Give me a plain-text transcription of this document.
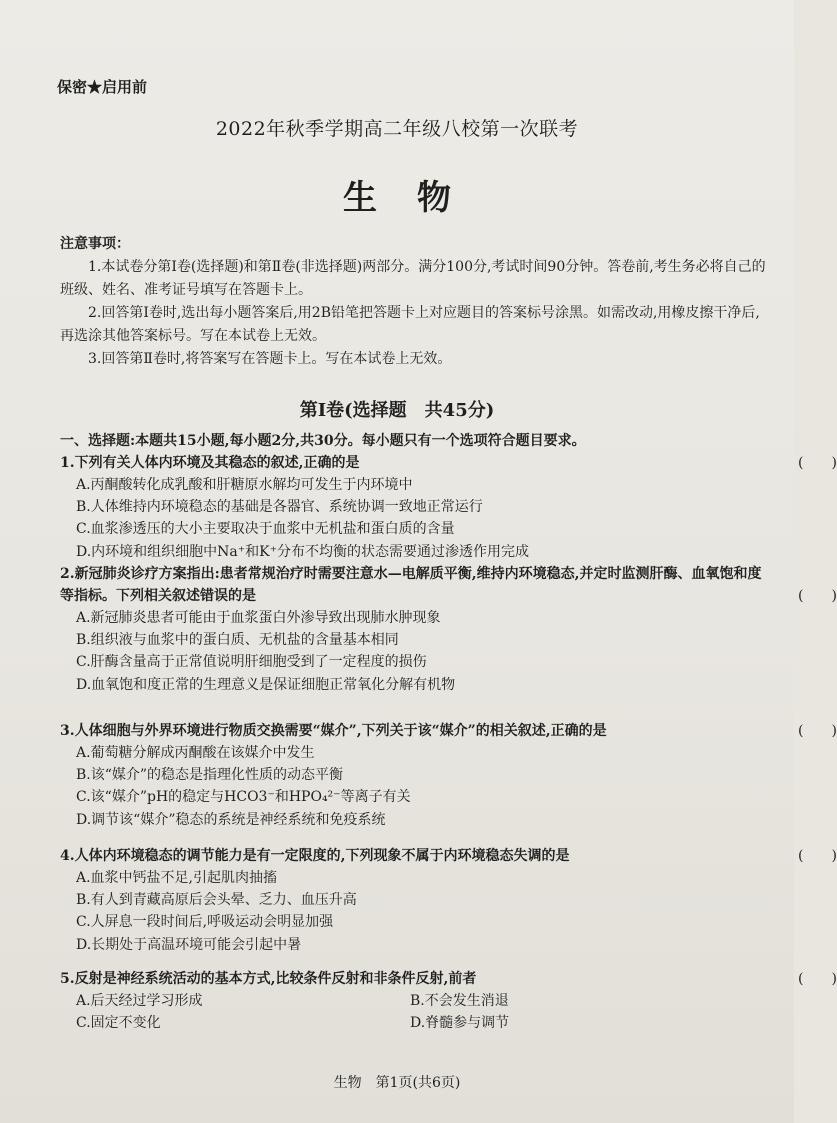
保密★启用前
2022年秋季学期高二年级八校第一次联考
生物
注意事项：
1.本试卷分第Ⅰ卷(选择题)和第Ⅱ卷(非选择题)两部分。满分100分,考试时间90分钟。答卷前,考生务必将自己的班级、姓名、准考证号填写在答题卡上。
2.回答第Ⅰ卷时,选出每小题答案后,用2B铅笔把答题卡上对应题目的答案标号涂黑。如需改动,用橡皮擦干净后,再选涂其他答案标号。写在本试卷上无效。
3.回答第Ⅱ卷时,将答案写在答题卡上。写在本试卷上无效。
第Ⅰ卷(选择题　共45分)
一、选择题:本题共15小题,每小题2分,共30分。每小题只有一个选项符合题目要求。
1.下列有关人体内环境及其稳态的叙述,正确的是	(　　)
A.丙酮酸转化成乳酸和肝糖原水解均可发生于内环境中
B.人体维持内环境稳态的基础是各器官、系统协调一致地正常运行
C.血浆渗透压的大小主要取决于血浆中无机盐和蛋白质的含量
D.内环境和组织细胞中Na⁺和K⁺分布不均衡的状态需要通过渗透作用完成
2.新冠肺炎诊疗方案指出:患者常规治疗时需要注意水—电解质平衡,维持内环境稳态,并定时监测肝酶、血氧饱和度等指标。下列相关叙述错误的是	(　　)
A.新冠肺炎患者可能由于血浆蛋白外渗导致出现肺水肿现象
B.组织液与血浆中的蛋白质、无机盐的含量基本相同
C.肝酶含量高于正常值说明肝细胞受到了一定程度的损伤
D.血氧饱和度正常的生理意义是保证细胞正常氧化分解有机物
3.人体细胞与外界环境进行物质交换需要“媒介”,下列关于该“媒介”的相关叙述,正确的是	(　　)
A.葡萄糖分解成丙酮酸在该媒介中发生
B.该“媒介”的稳态是指理化性质的动态平衡
C.该“媒介”pH的稳定与HCO3⁻和HPO₄²⁻等离子有关
D.调节该“媒介”稳态的系统是神经系统和免疫系统
4.人体内环境稳态的调节能力是有一定限度的,下列现象不属于内环境稳态失调的是	(　　)
A.血浆中钙盐不足,引起肌肉抽搐
B.有人到青藏高原后会头晕、乏力、血压升高
C.人屏息一段时间后,呼吸运动会明显加强
D.长期处于高温环境可能会引起中暑
5.反射是神经系统活动的基本方式,比较条件反射和非条件反射,前者	(　　)
A.后天经过学习形成	B.不会发生消退
C.固定不变化	D.脊髓参与调节
生物　第1页(共6页)
